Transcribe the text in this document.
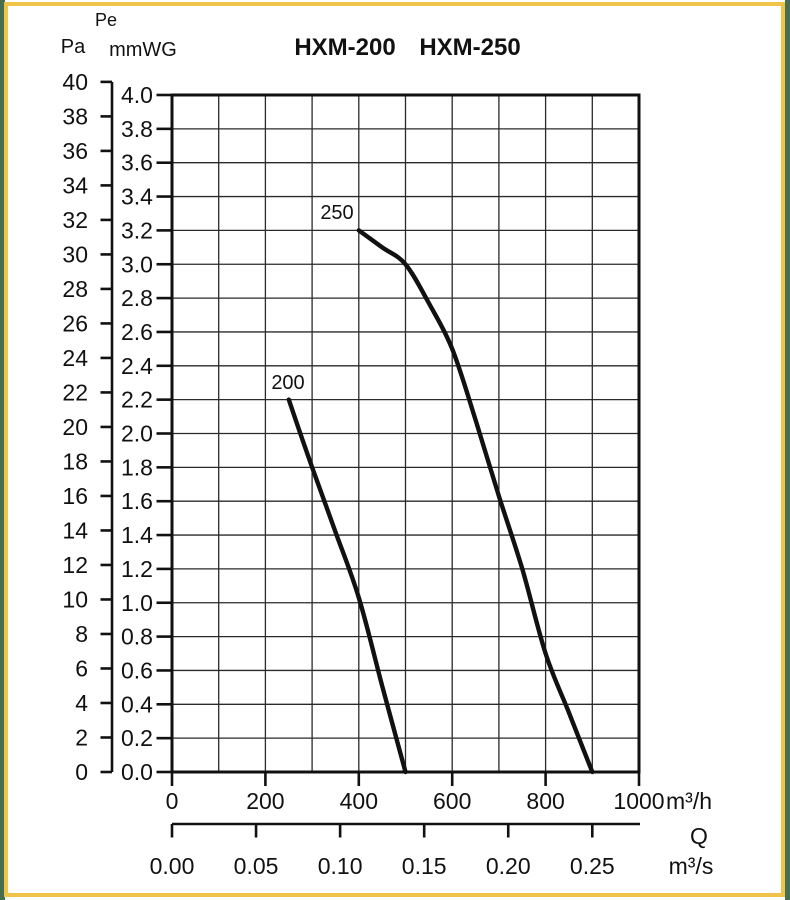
4.0
3.8
3.6
3.4
3.2
3.0
2.8
2.6
2.4
2.2
2.0
1.8
1.6
1.4
1.2
1.0
0.8
0.6
0.4
0.2
0.0
40
38
36
34
32
30
28
26
24
22
20
18
16
14
12
10
8
6
4
2
0
0	200 400 600 800 1000
0.00 0.05 0.10 0.15 0.20 0.25
250
200
Pe
Pa mmWG	HXM-200 HXM-250
m³/h
Q
m³/s
